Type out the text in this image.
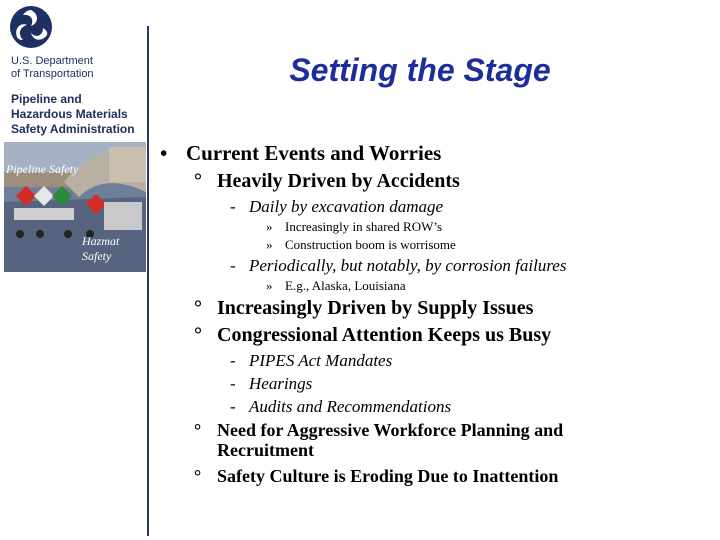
U.S. Department
of Transportation
Pipeline and
Hazardous Materials
Safety Administration
Pipeline Safety
Hazmat Safety
Setting the Stage
• Current Events and Worries
° Heavily Driven by Accidents
- Daily by excavation damage
» Increasingly in shared ROW’s
» Construction boom is worrisome
- Periodically, but notably, by corrosion failures
» E.g., Alaska, Louisiana
° Increasingly Driven by Supply Issues
° Congressional Attention Keeps us Busy
- PIPES Act Mandates
- Hearings
- Audits and Recommendations
° Need for Aggressive Workforce Planning and
Recruitment
° Safety Culture is Eroding Due to Inattention
